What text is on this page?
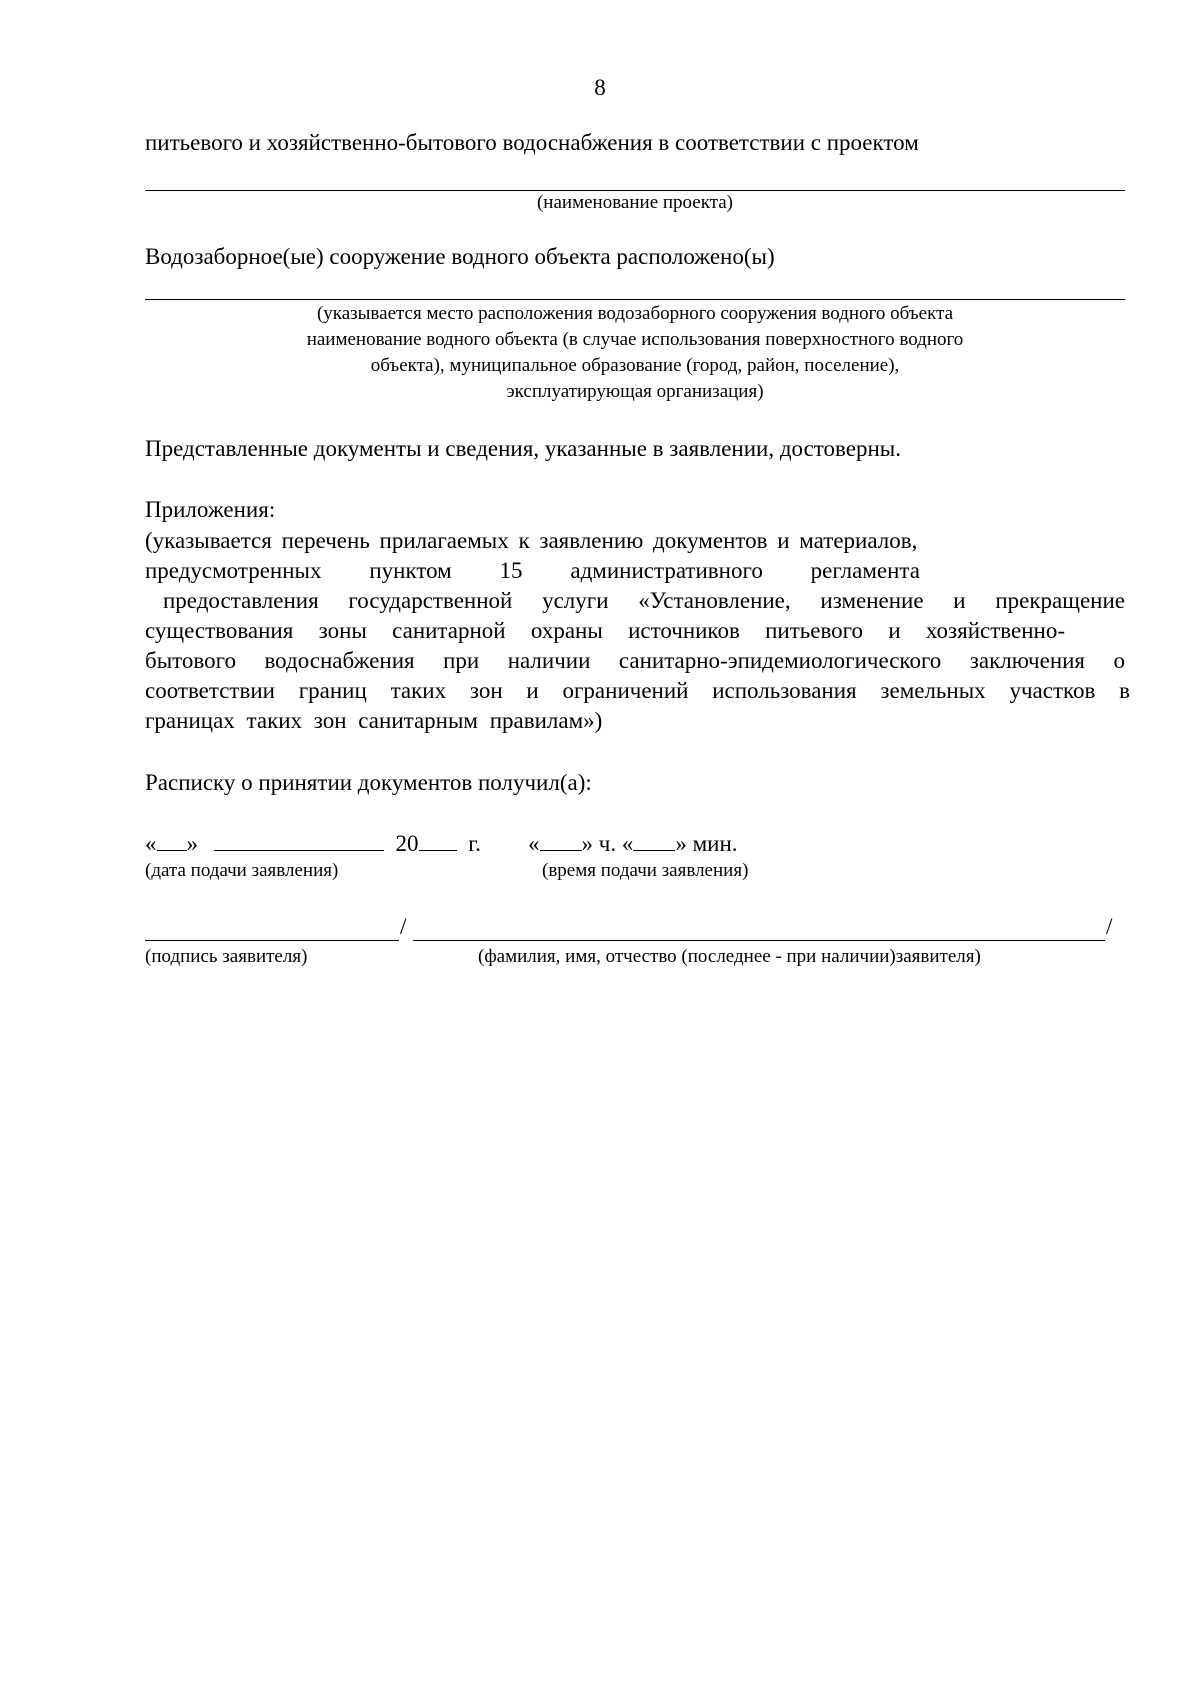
8
питьевого и хозяйственно-бытового водоснабжения в соответствии с проектом
(наименование проекта)
Водозаборное(ые) сооружение водного объекта расположено(ы)
(указывается место расположения водозаборного сооружения водного объекта
наименование водного объекта (в случае использования поверхностного водного
объекта), муниципальное образование (город, район, поселение),
эксплуатирующая организация)
Представленные документы и сведения, указанные в заявлении, достоверны.
Приложения:
(указывается перечень прилагаемых к заявлению документов и материалов,
предусмотренных пунктом 15 административного регламента
предоставления государственной услуги «Установление, изменение и прекращение
существования зоны санитарной охраны источников питьевого и хозяйственно-
бытового водоснабжения при наличии санитарно-эпидемиологического заключения о
соответствии границ таких зон и ограничений использования земельных участков в
границах таких зон санитарным правилам»)
Расписку о принятии документов получил(а):
« »	20 г. « » ч. « » мин.
(дата подачи заявления)	(время подачи заявления)
/	/
(подпись заявителя)	(фамилия, имя, отчество (последнее - при наличии)заявителя)
